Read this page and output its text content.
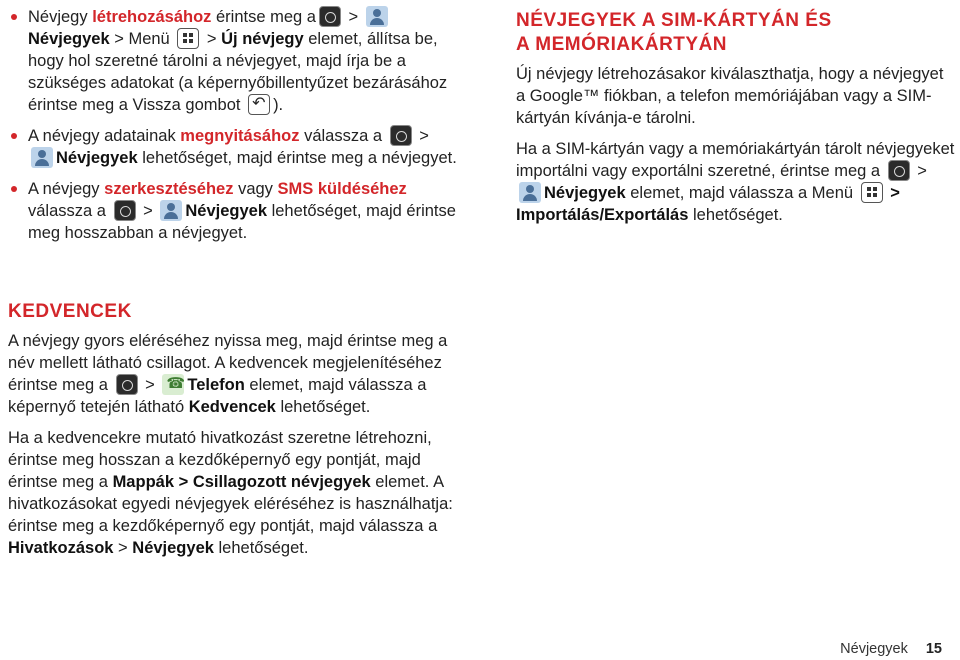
Névjegy létrehozásához érintse meg a > Névjegyek > Menü  > Új névjegy elemet, állítsa be, hogy hol szeretné tárolni a névjegyet, majd írja be a szükséges adatokat (a képernyőbillentyűzet bezárásához érintse meg a Vissza gombot ↶).
A névjegy adatainak megnyitásához válassza a  > Névjegyek lehetőséget, majd érintse meg a névjegyet.
A névjegy szerkesztéséhez vagy SMS küldéséhez válassza a  > Névjegyek lehetőséget, majd érintse meg hosszabban a névjegyet.
KEDVENCEK

A névjegy gyors eléréséhez nyissa meg, majd érintse meg a név mellett látható csillagot. A kedvencek megjelenítéséhez érintse meg a  > ☎Telefon elemet, majd válassza a képernyő tetején látható Kedvencek lehetőséget.

Ha a kedvencekre mutató hivatkozást szeretne létrehozni, érintse meg hosszan a kezdőképernyő egy pontját, majd érintse meg a Mappák > Csillagozott névjegyek elemet. A hivatkozásokat egyedi névjegyek eléréséhez is használhatja: érintse meg a kezdőképernyő egy pontját, majd válassza a Hivatkozások > Névjegyek lehetőséget.

NÉVJEGYEK A SIM-KÁRTYÁN ÉS
A MEMÓRIAKÁRTYÁN

Új névjegy létrehozásakor kiválaszthatja, hogy a névjegyet a Google™ fiókban, a telefon memóriájában vagy a SIM-kártyán kívánja-e tárolni.

Ha a SIM-kártyán vagy a memóriakártyán tárolt névjegyeket importálni vagy exportálni szeretné, érintse meg a  > Névjegyek elemet, majd válassza a Menü  > Importálás/Exportálás lehetőséget.

Névjegyek 15
